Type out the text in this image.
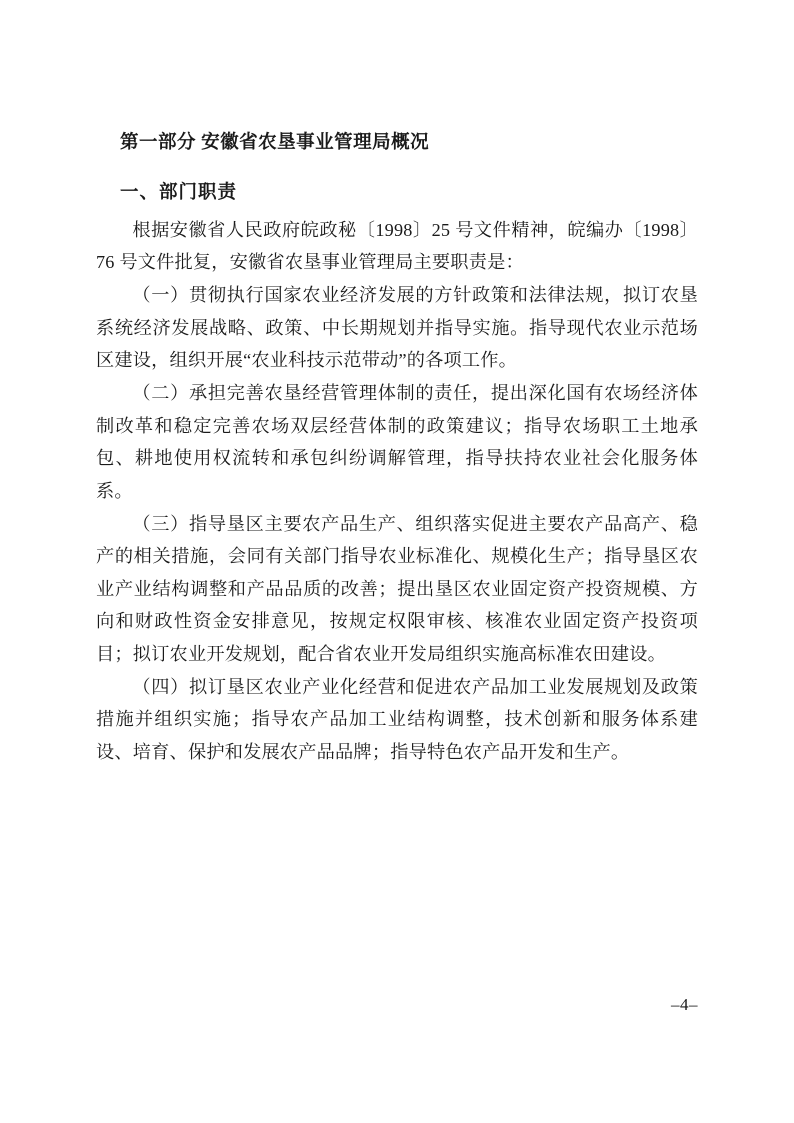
第一部分 安徽省农垦事业管理局概况
一、部门职责

根据安徽省人民政府皖政秘〔1998〕25 号文件精神，皖编办〔1998〕76 号文件批复，安徽省农垦事业管理局主要职责是：

（一）贯彻执行国家农业经济发展的方针政策和法律法规，拟订农垦系统经济发展战略、政策、中长期规划并指导实施。指导现代农业示范场区建设，组织开展“农业科技示范带动”的各项工作。

（二）承担完善农垦经营管理体制的责任，提出深化国有农场经济体制改革和稳定完善农场双层经营体制的政策建议；指导农场职工土地承包、耕地使用权流转和承包纠纷调解管理，指导扶持农业社会化服务体系。

（三）指导垦区主要农产品生产、组织落实促进主要农产品高产、稳产的相关措施，会同有关部门指导农业标准化、规模化生产；指导垦区农业产业结构调整和产品品质的改善；提出垦区农业固定资产投资规模、方向和财政性资金安排意见，按规定权限审核、核准农业固定资产投资项目；拟订农业开发规划，配合省农业开发局组织实施高标准农田建设。

（四）拟订垦区农业产业化经营和促进农产品加工业发展规划及政策措施并组织实施；指导农产品加工业结构调整，技术创新和服务体系建设、培育、保护和发展农产品品牌；指导特色农产品开发和生产。

–4–
